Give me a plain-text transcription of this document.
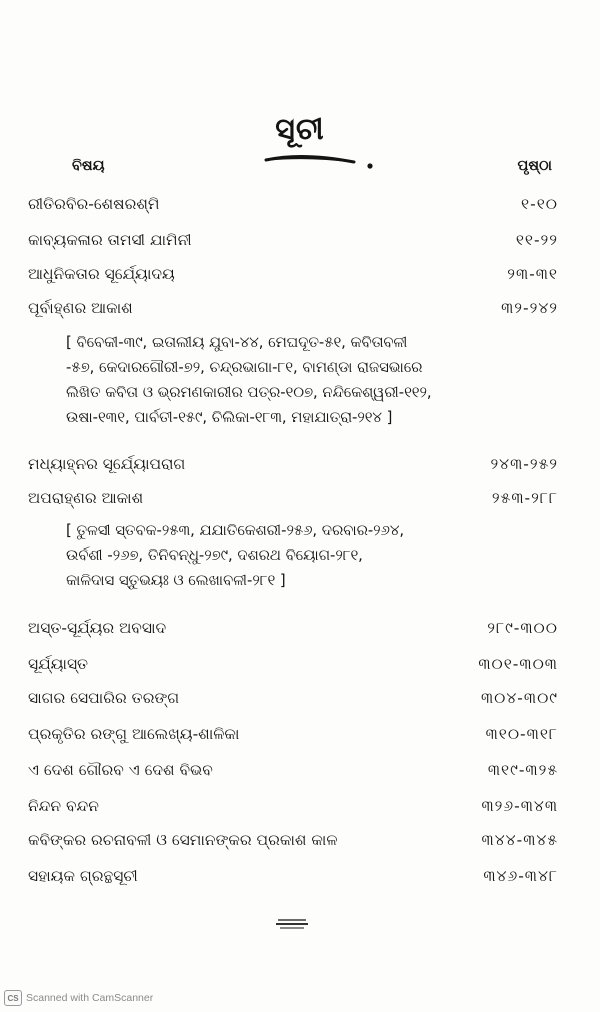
ସୂଚୀ
ବିଷୟ	ପୃଷ୍ଠା
ରୀତିରବିର-ଶେଷରଶ୍ମି	୧-୧୦
କାବ୍ୟକଳାର ତାମସୀ ଯାମିନୀ	୧୧-୨୨
ଆଧୁନିକତାର ସୂର୍ଯ୍ୟୋଦୟ	୨୩-୩୧
ପୂର୍ବାହ୍ଣର ଆକାଶ	୩୨-୨୪୨
[ ବିବେକୀ-୩୯, ଇତାଲୀୟ ଯୁବା-୪୪, ମେଘଦୂତ-୫୧, କବିତାବଳୀ
-୫୭, କେଦାରଗୌରୀ-୭୨, ଚନ୍ଦ୍ରଭାଗା-୮୧, ବାମଣ୍ଡା ରାଜସଭାରେ
ଲିଖିତ କବିତା ଓ ଭ୍ରମଣକାରୀର ପତ୍ର-୧୦୭, ନନ୍ଦିକେଶ୍ୱରୀ-୧୧୨,
ଉଷା-୧୩୧, ପାର୍ବତୀ-୧୫୯, ଚିଲିକା-୧୮୩, ମହାଯାତ୍ରା-୨୧୪ ]
ମଧ୍ୟାହ୍ନର ସୂର୍ଯ୍ୟୋପରାଗ	୨୪୩-୨୫୨
ଅପରାହ୍ଣର ଆକାଶ	୨୫୩-୨୮୮
[ ତୁଳସୀ ସ୍ତବକ-୨୫୩, ଯଯାତିକେଶରୀ-୨୫୬, ଦରବାର-୨୬୪,
ଉର୍ବଶୀ -୨୬୭, ତିନିବନ୍ଧୁ-୨୭୯, ଦଶରଥ ବିୟୋଗ-୨୮୧,
କାଳିଦାସ ସ୍ତୁଭୟଃ ଓ ଲେଖାବଳୀ-୨୮୧ ]
ଅସ୍ତ-ସୂର୍ଯ୍ୟର ଅବସାଦ	୨୮୯-୩୦୦
ସୂର୍ଯ୍ୟାସ୍ତ	୩୦୧-୩୦୩
ସାଗର ସେପାରିର ତରଙ୍ଗ	୩୦୪-୩୦୯
ପ୍ରକୃତିର ରଙ୍ଗୁ ଆଲେଖ୍ୟ-ଶାଳିକା	୩୧୦-୩୧୮
ଏ ଦେଶ ଗୌରବ ଏ ଦେଶ ବିଭବ	୩୧୯-୩୨୫
ନିନ୍ଦନ ବନ୍ଦନ	୩୨୬-୩୪୩
କବିଙ୍କର ରଚନାବଳୀ ଓ ସେମାନଙ୍କର ପ୍ରକାଶ କାଳ	୩୪୪-୩୪୫
ସହାୟକ ଗ୍ରନ୍ଥସୂଚୀ	୩୪୬-୩୪୮
CS Scanned with CamScanner
